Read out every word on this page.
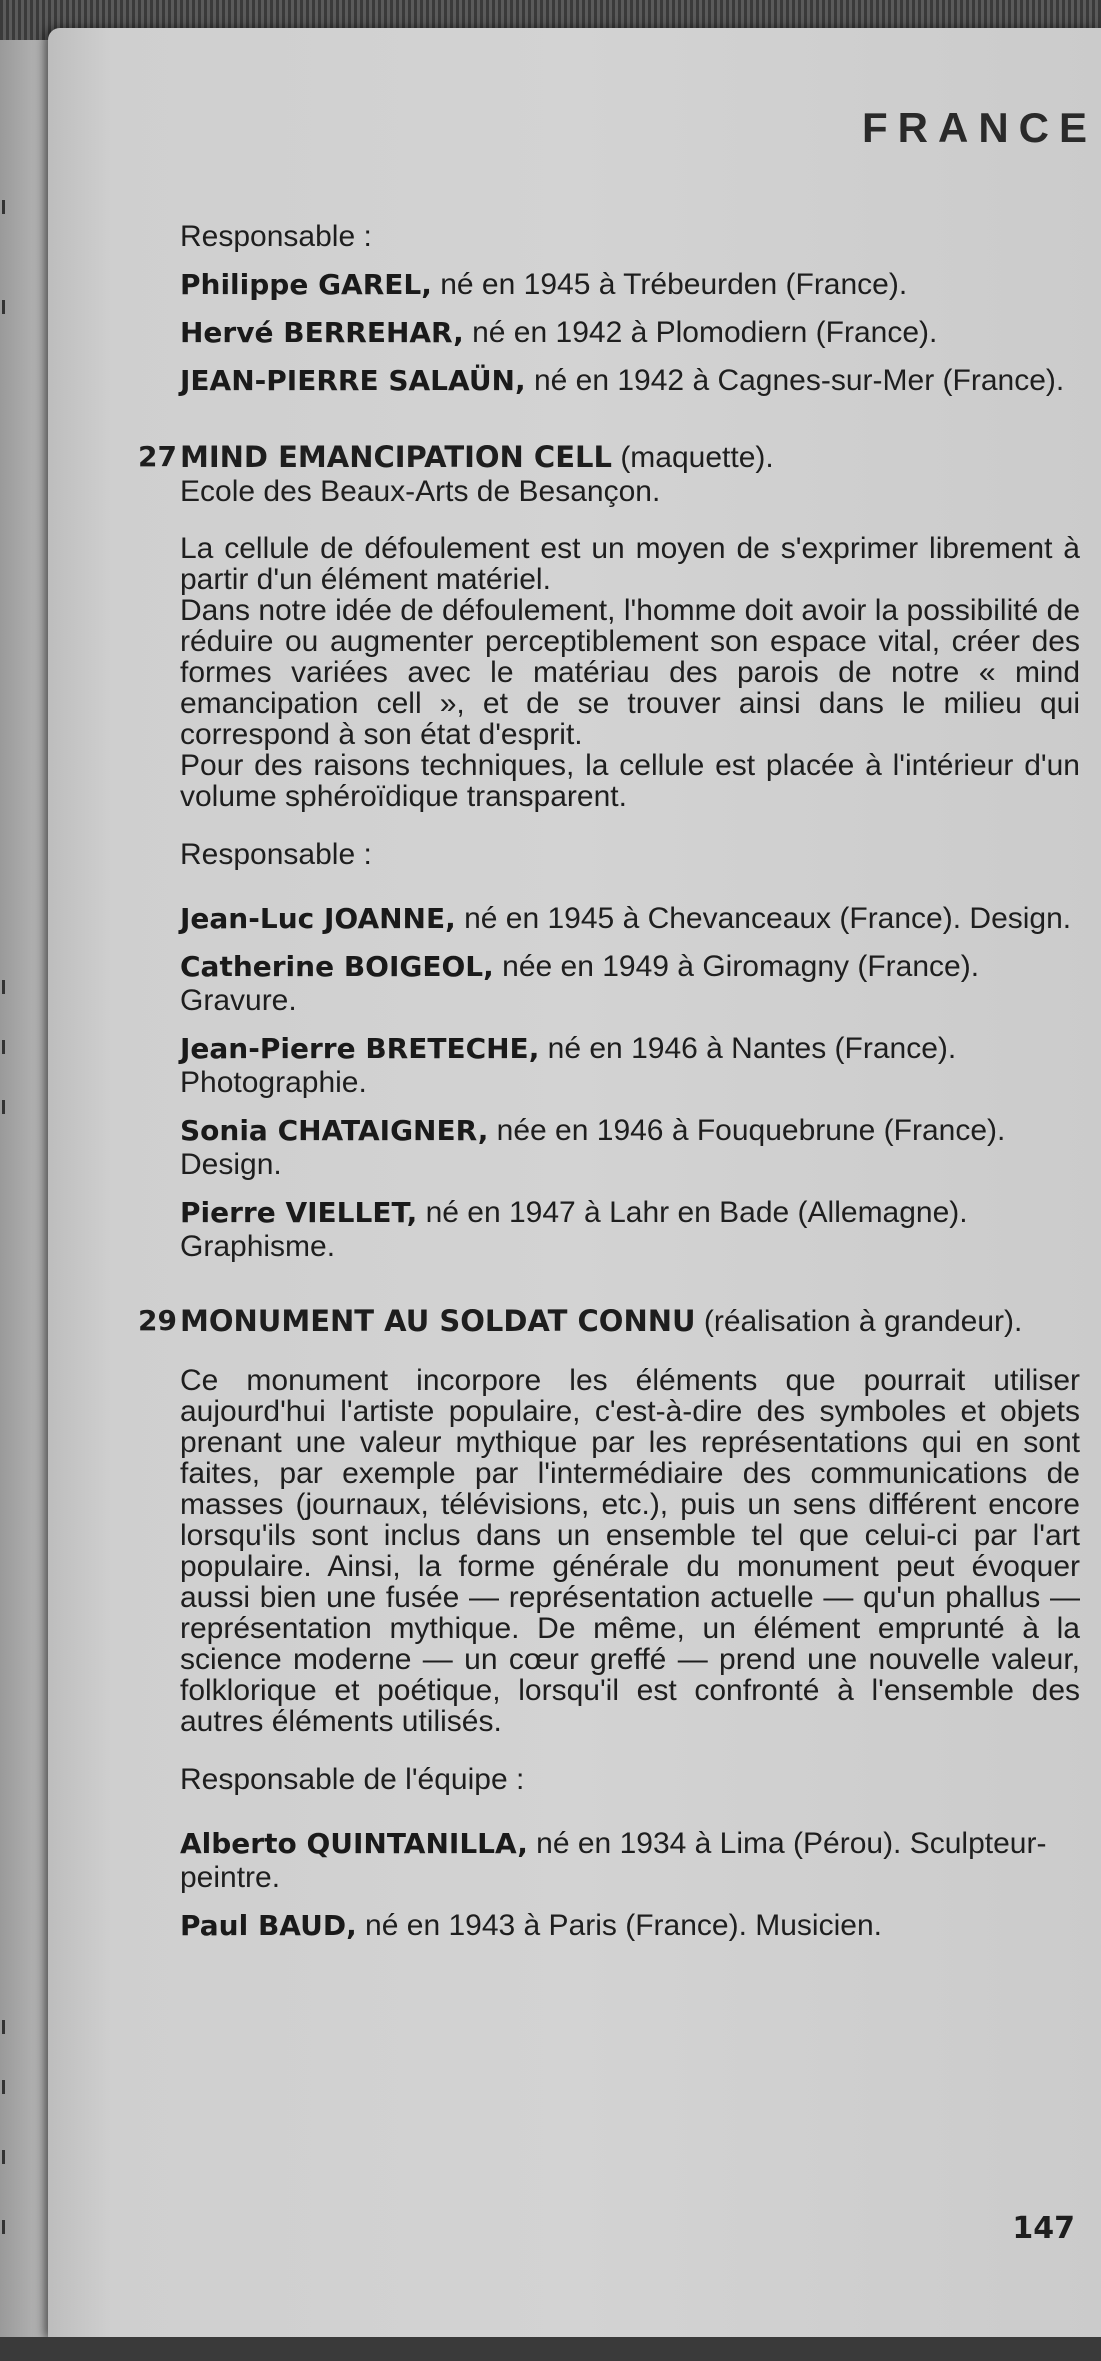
FRANCE
147

Responsable :

Philippe GAREL, né en 1945 à Trébeurden (France).

Hervé BERREHAR, né en 1942 à Plomodiern (France).

JEAN-PIERRE SALAÜN, né en 1942 à Cagnes-sur-Mer (France).

27 MIND EMANCIPATION CELL (maquette).

Ecole des Beaux-Arts de Besançon.

La cellule de défoulement est un moyen de s'exprimer librement à partir d'un élément matériel.
Dans notre idée de défoulement, l'homme doit avoir la possibilité de réduire ou augmenter perceptiblement son espace vital, créer des formes variées avec le matériau des parois de notre « mind emancipation cell », et de se trouver ainsi dans le milieu qui correspond à son état d'esprit.
Pour des raisons techniques, la cellule est placée à l'intérieur d'un volume sphéroïdique transparent.

Responsable :

Jean-Luc JOANNE, né en 1945 à Chevanceaux (France). Design.

Catherine BOIGEOL, née en 1949 à Giromagny (France). Gravure.

Jean-Pierre BRETECHE, né en 1946 à Nantes (France). Photographie.

Sonia CHATAIGNER, née en 1946 à Fouquebrune (France). Design.

Pierre VIELLET, né en 1947 à Lahr en Bade (Allemagne). Graphisme.

29 MONUMENT AU SOLDAT CONNU (réalisation à grandeur).

Ce monument incorpore les éléments que pourrait utiliser aujourd'hui l'artiste populaire, c'est-à-dire des symboles et objets prenant une valeur mythique par les représentations qui en sont faites, par exemple par l'intermédiaire des communications de masses (journaux, télévisions, etc.), puis un sens différent encore lorsqu'ils sont inclus dans un ensemble tel que celui-ci par l'art populaire. Ainsi, la forme générale du monument peut évoquer aussi bien une fusée — représentation actuelle — qu'un phallus — représentation mythique. De même, un élément emprunté à la science moderne — un cœur greffé — prend une nouvelle valeur, folklorique et poétique, lorsqu'il est confronté à l'ensemble des autres éléments utilisés.

Responsable de l'équipe :

Alberto QUINTANILLA, né en 1934 à Lima (Pérou). Sculpteur-peintre.

Paul BAUD, né en 1943 à Paris (France). Musicien.
